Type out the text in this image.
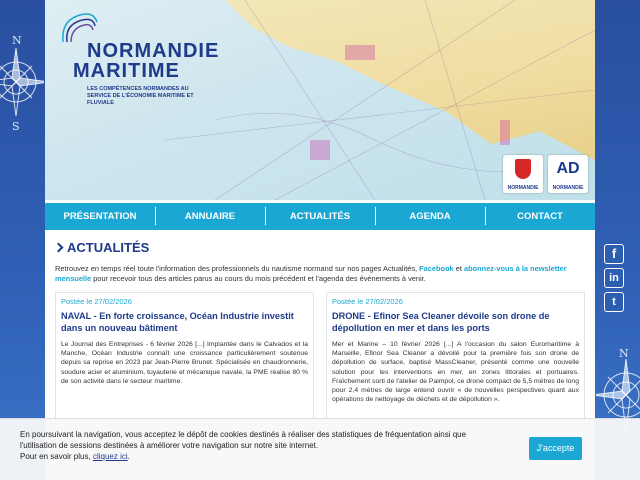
N
S
N
NORMANDIE
MARITIME
LES COMPÉTENCES NORMANDES AU SERVICE DE L'ÉCONOMIE MARITIME ET FLUVIALE
NORMANDIE
AD
NORMANDIE
PRÉSENTATION	ANNUAIRE	ACTUALITÉS	AGENDA	CONTACT
ACTUALITÉS

Retrouvez en temps réel toute l'information des professionnels du nautisme normand sur nos pages Actualités, Facebook et abonnez-vous à la newsletter mensuelle pour recevoir tous des articles parus au cours du mois précédent et l'agenda des événements à venir.

Postée le 27/02/2026
NAVAL - En forte croissance, Océan Industrie investit dans un nouveau bâtiment
Le Journal des Entreprises - 6 février 2026 [...] Implantée dans le Calvados et la Manche, Océan Industrie connaît une croissance particulièrement soutenue depuis sa reprise en 2023 par Jean-Pierre Brunet. Spécialisée en chaudronnerie, soudure acier et aluminium, tuyauterie et mécanique navale, la PME réalise 80 % de son activité dans le secteur maritime.
Postée le 27/02/2026
DRONE - Efinor Sea Cleaner dévoile son drone de dépollution en mer et dans les ports
Mer et Marine – 10 février 2026 [...] A l'occasion du salon Euromaritime à Marseille, Efinor Sea Cleaner a dévoilé pour la première fois son drone de dépollution de surface, baptisé MassCleaner, présenté comme une nouvelle solution pour les interventions en mer, en zones littorales et portuaires. Fraîchement sorti de l'atelier de Paimpol, ce drone compact de 5,5 mètres de long pour 2,4 mètres de large entend ouvrir « de nouvelles perspectives quant aux opérations de nettoyage de déchets et de dépollution ».
f
in
t
En poursuivant la navigation, vous acceptez le dépôt de cookies destinés à réaliser des statistiques de fréquentation ainsi que
l'utilisation de sessions destinées à améliorer votre navigation sur notre site internet.
Pour en savoir plus, cliquez ici.
J'accepte
